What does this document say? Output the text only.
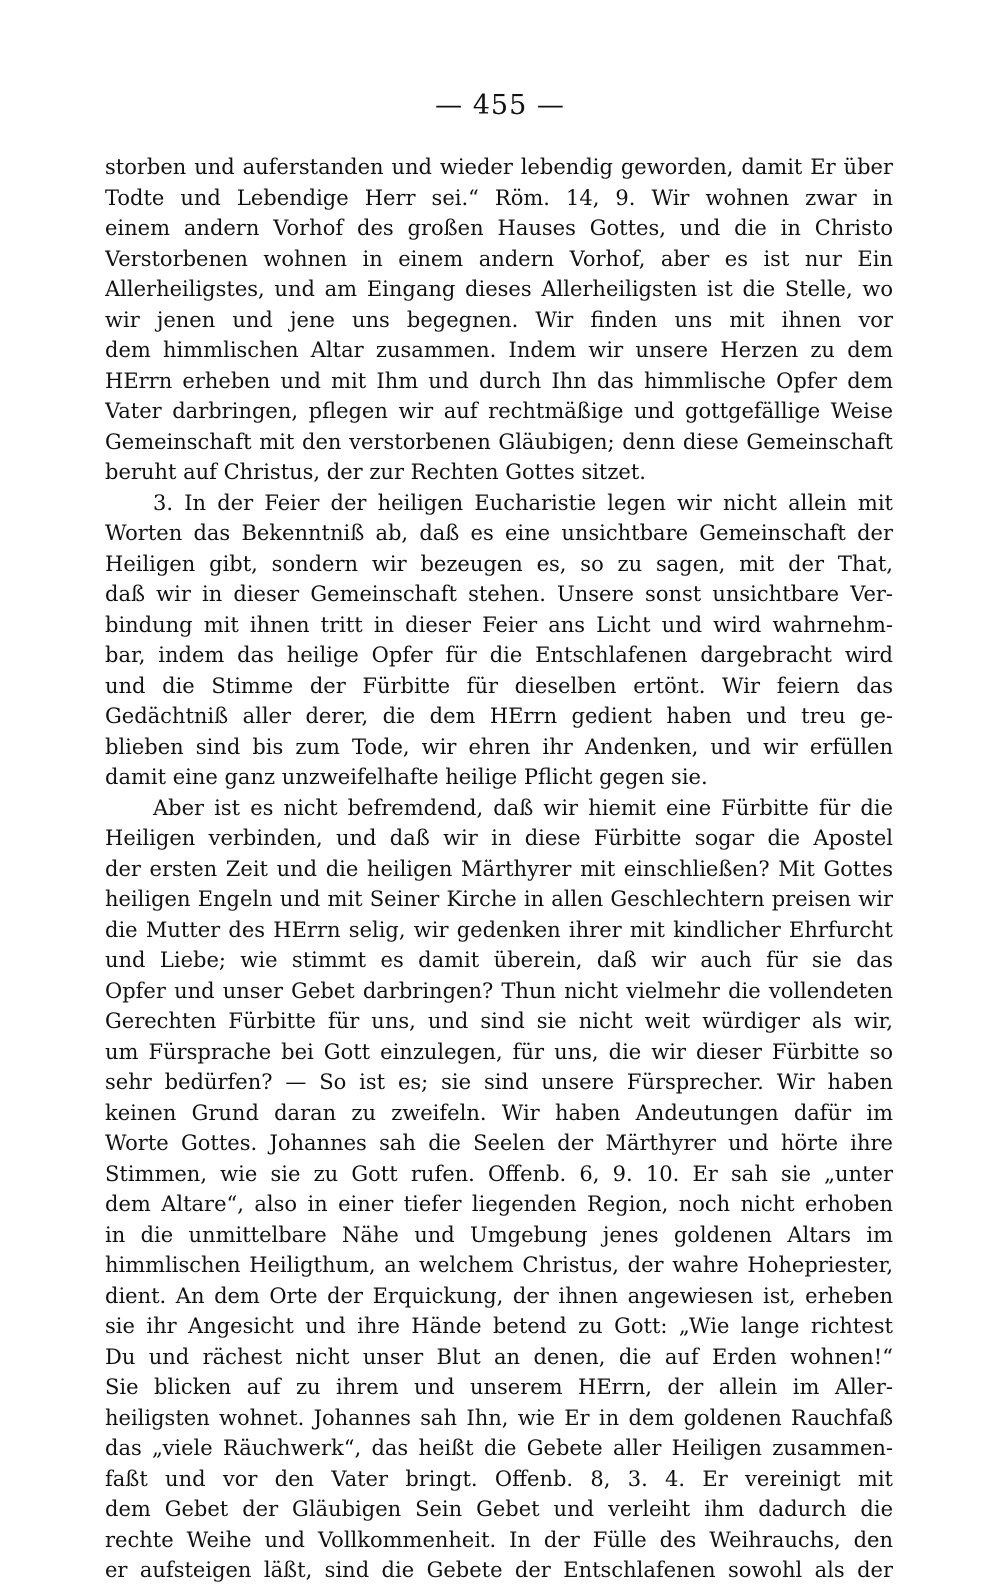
— 455 —
storben und auferstanden und wieder lebendig geworden, damit Er über
Todte und Lebendige Herr sei.“ Röm. 14, 9. Wir wohnen zwar in
einem andern Vorhof des großen Hauses Gottes, und die in Christo
Verstorbenen wohnen in einem andern Vorhof, aber es ist nur Ein
Allerheiligstes, und am Eingang dieses Allerheiligsten ist die Stelle, wo
wir jenen und jene uns begegnen. Wir finden uns mit ihnen vor
dem himmlischen Altar zusammen. Indem wir unsere Herzen zu dem
HErrn erheben und mit Ihm und durch Ihn das himmlische Opfer dem
Vater darbringen, pflegen wir auf rechtmäßige und gottgefällige Weise
Gemeinschaft mit den verstorbenen Gläubigen; denn diese Gemeinschaft
beruht auf Christus, der zur Rechten Gottes sitzet.
3. In der Feier der heiligen Eucharistie legen wir nicht allein mit
Worten das Bekenntniß ab, daß es eine unsichtbare Gemeinschaft der
Heiligen gibt, sondern wir bezeugen es, so zu sagen, mit der That,
daß wir in dieser Gemeinschaft stehen. Unsere sonst unsichtbare Ver-
bindung mit ihnen tritt in dieser Feier ans Licht und wird wahrnehm-
bar, indem das heilige Opfer für die Entschlafenen dargebracht wird
und die Stimme der Fürbitte für dieselben ertönt. Wir feiern das
Gedächtniß aller derer, die dem HErrn gedient haben und treu ge-
blieben sind bis zum Tode, wir ehren ihr Andenken, und wir erfüllen
damit eine ganz unzweifelhafte heilige Pflicht gegen sie.
Aber ist es nicht befremdend, daß wir hiemit eine Fürbitte für die
Heiligen verbinden, und daß wir in diese Fürbitte sogar die Apostel
der ersten Zeit und die heiligen Märthyrer mit einschließen? Mit Gottes
heiligen Engeln und mit Seiner Kirche in allen Geschlechtern preisen wir
die Mutter des HErrn selig, wir gedenken ihrer mit kindlicher Ehrfurcht
und Liebe; wie stimmt es damit überein, daß wir auch für sie das
Opfer und unser Gebet darbringen? Thun nicht vielmehr die vollendeten
Gerechten Fürbitte für uns, und sind sie nicht weit würdiger als wir,
um Fürsprache bei Gott einzulegen, für uns, die wir dieser Fürbitte so
sehr bedürfen? — So ist es; sie sind unsere Fürsprecher. Wir haben
keinen Grund daran zu zweifeln. Wir haben Andeutungen dafür im
Worte Gottes. Johannes sah die Seelen der Märthyrer und hörte ihre
Stimmen, wie sie zu Gott rufen. Offenb. 6, 9. 10. Er sah sie „unter
dem Altare“, also in einer tiefer liegenden Region, noch nicht erhoben
in die unmittelbare Nähe und Umgebung jenes goldenen Altars im
himmlischen Heiligthum, an welchem Christus, der wahre Hohepriester,
dient. An dem Orte der Erquickung, der ihnen angewiesen ist, erheben
sie ihr Angesicht und ihre Hände betend zu Gott: „Wie lange richtest
Du und rächest nicht unser Blut an denen, die auf Erden wohnen!“
Sie blicken auf zu ihrem und unserem HErrn, der allein im Aller-
heiligsten wohnet. Johannes sah Ihn, wie Er in dem goldenen Rauchfaß
das „viele Räuchwerk“, das heißt die Gebete aller Heiligen zusammen-
faßt und vor den Vater bringt. Offenb. 8, 3. 4. Er vereinigt mit
dem Gebet der Gläubigen Sein Gebet und verleiht ihm dadurch die
rechte Weihe und Vollkommenheit. In der Fülle des Weihrauchs, den
er aufsteigen läßt, sind die Gebete der Entschlafenen sowohl als der
